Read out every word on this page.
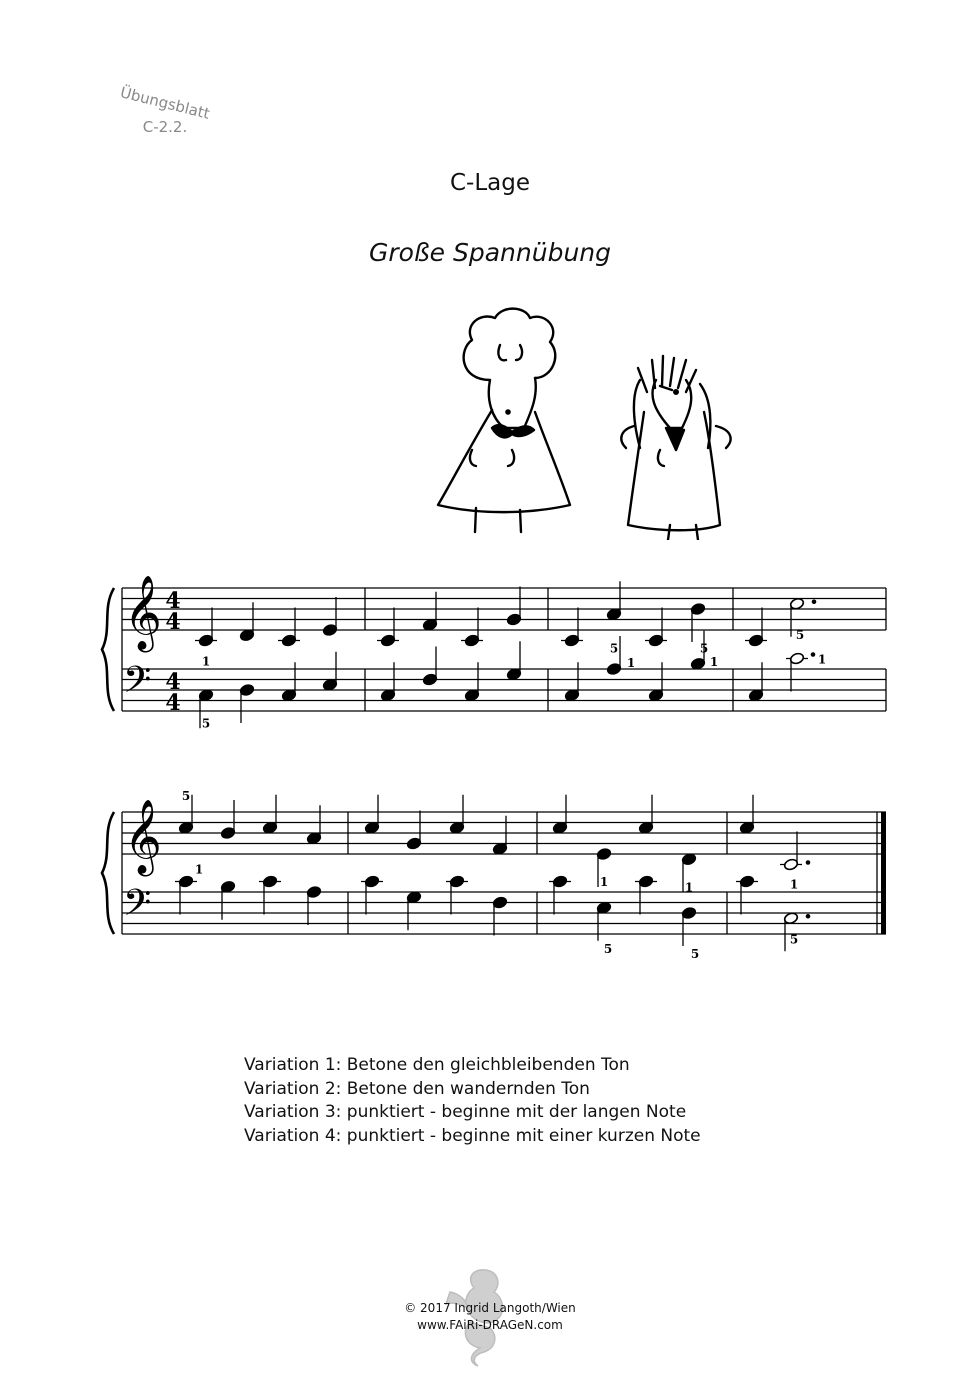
Übungsblatt
C-2.2.
C-Lage
Große Spannübung
𝄞
𝄢
4
4
4
4
1
5	5
5
5
1	1	1
𝄞
𝄢
5
1
1	1	1
5	5
5
Variation 1: Betone den gleichbleibenden Ton
Variation 2: Betone den wandernden Ton
Variation 3: punktiert - beginne mit der langen Note
Variation 4: punktiert - beginne mit einer kurzen Note
© 2017 Ingrid Langoth/Wien
www.FAiRi-DRAGeN.com
